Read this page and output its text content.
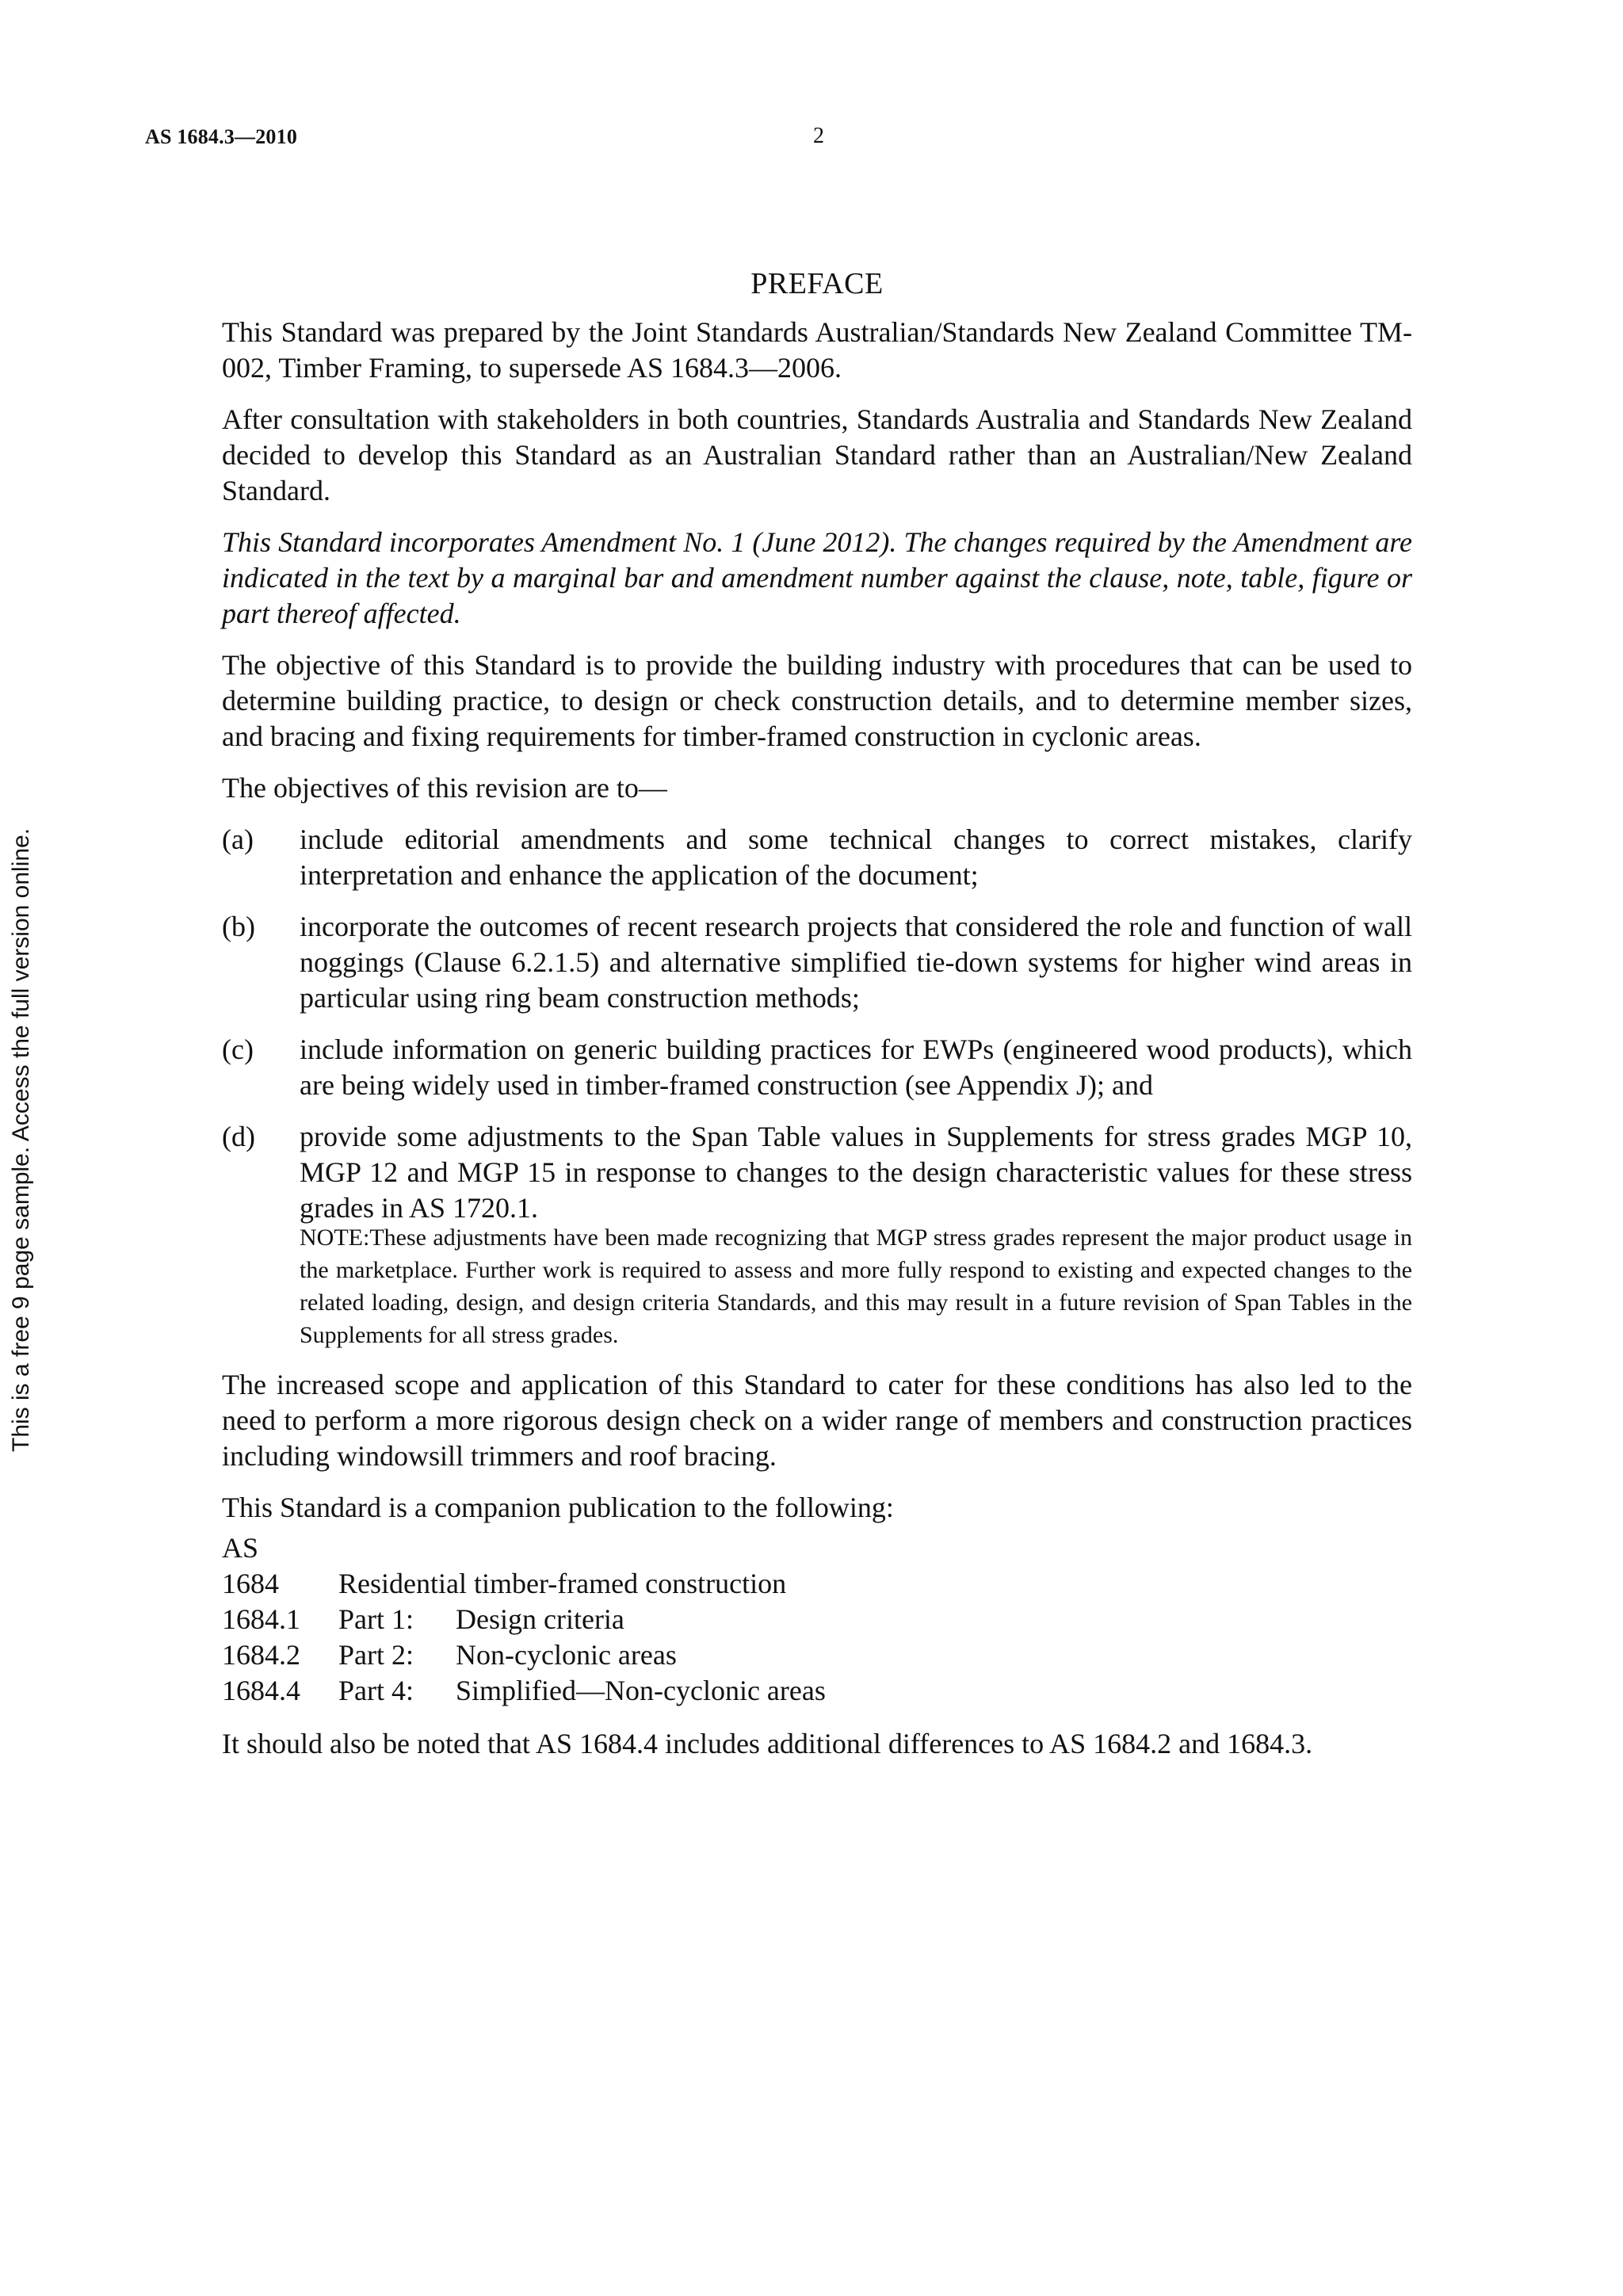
AS 1684.3—2010	2
This is a free 9 page sample. Access the full version online.
PREFACE

This Standard was prepared by the Joint Standards Australian/Standards New Zealand Committee TM-002, Timber Framing, to supersede AS 1684.3—2006.

After consultation with stakeholders in both countries, Standards Australia and Standards New Zealand decided to develop this Standard as an Australian Standard rather than an Australian/New Zealand Standard.

This Standard incorporates Amendment No. 1 (June 2012). The changes required by the Amendment are indicated in the text by a marginal bar and amendment number against the clause, note, table, figure or part thereof affected.

The objective of this Standard is to provide the building industry with procedures that can be used to determine building practice, to design or check construction details, and to determine member sizes, and bracing and fixing requirements for timber-framed construction in cyclonic areas.

The objectives of this revision are to—

(a)	include editorial amendments and some technical changes to correct mistakes, clarify interpretation and enhance the application of the document;
(b)	incorporate the outcomes of recent research projects that considered the role and function of wall noggings (Clause 6.2.1.5) and alternative simplified tie-down systems for higher wind areas in particular using ring beam construction methods;
(c)	include information on generic building practices for EWPs (engineered wood products), which are being widely used in timber-framed construction (see Appendix J); and
(d)	provide some adjustments to the Span Table values in Supplements for stress grades MGP 10, MGP 12 and MGP 15 in response to changes to the design characteristic values for these stress grades in AS 1720.1.
NOTE:These adjustments have been made recognizing that MGP stress grades represent the major product usage in the marketplace. Further work is required to assess and more fully respond to existing and expected changes to the related loading, design, and design criteria Standards, and this may result in a future revision of Span Tables in the Supplements for all stress grades.

The increased scope and application of this Standard to cater for these conditions has also led to the need to perform a more rigorous design check on a wider range of members and construction practices including windowsill trimmers and roof bracing.

This Standard is a companion publication to the following:

AS
1684	Residential timber-framed construction
1684.1	Part 1:	Design criteria
1684.2	Part 2:	Non-cyclonic areas
1684.4	Part 4:	Simplified—Non-cyclonic areas

It should also be noted that AS 1684.4 includes additional differences to AS 1684.2 and 1684.3.
